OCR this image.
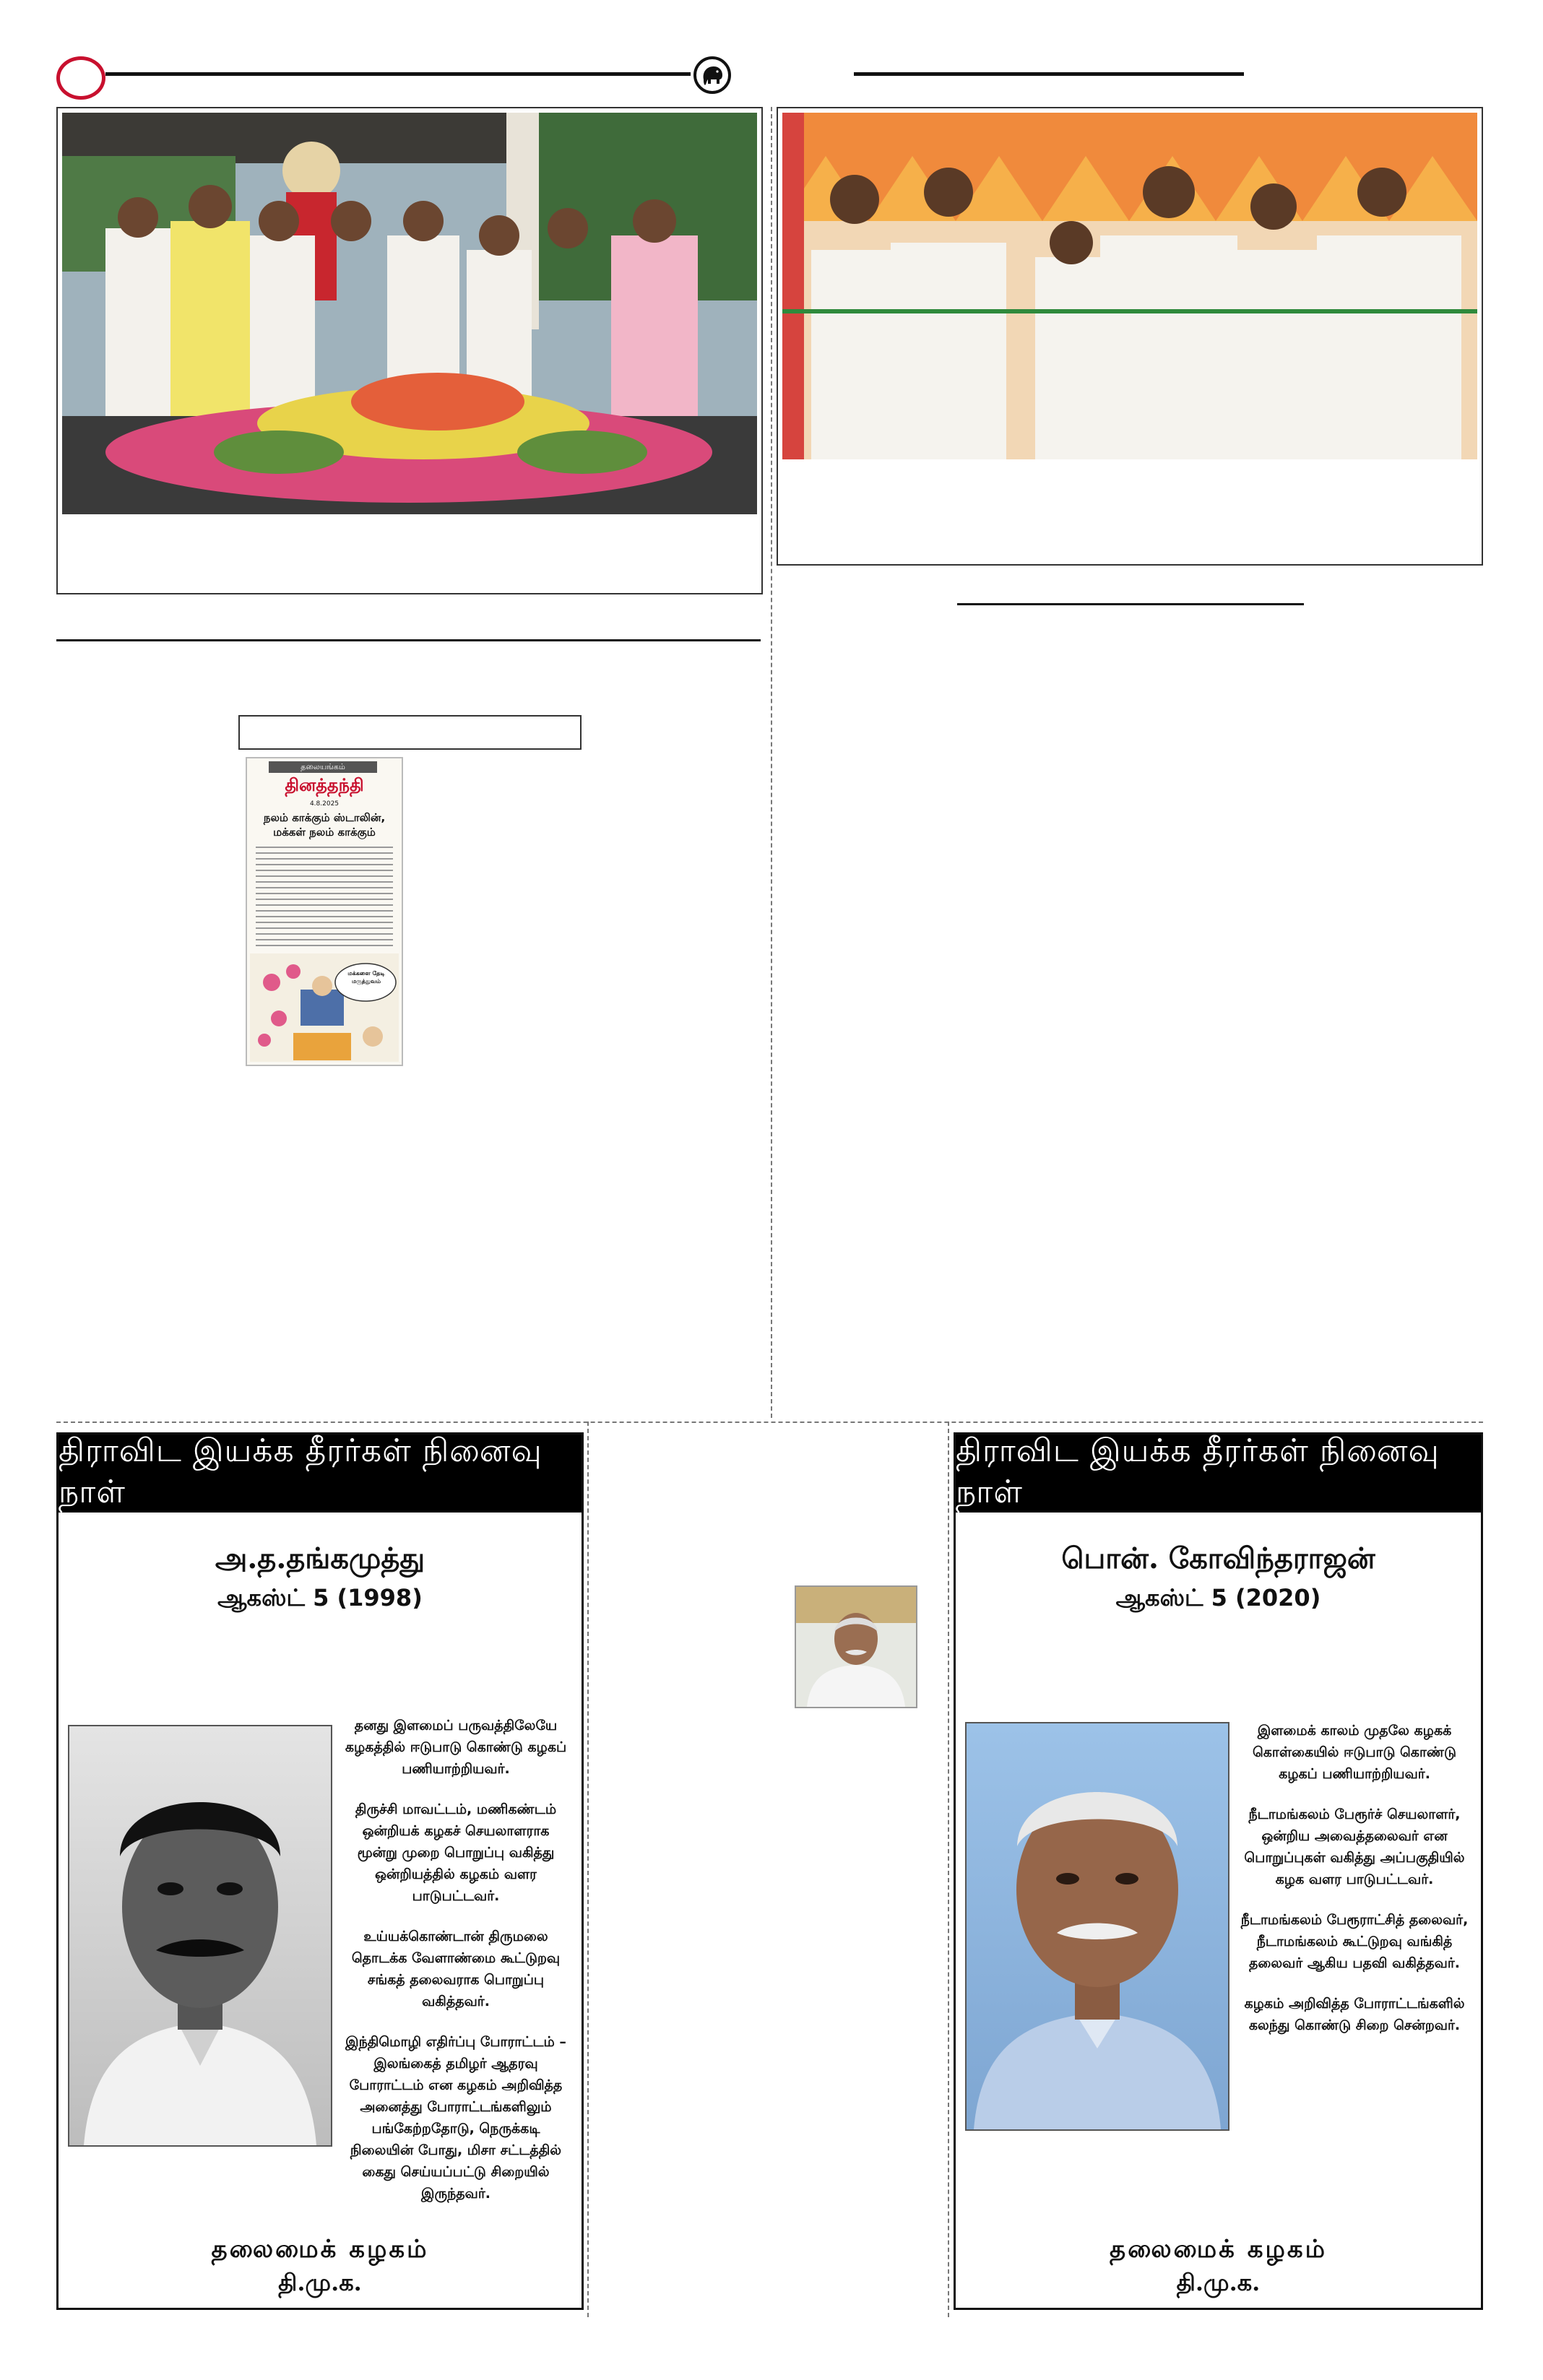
தலையங்கம்
தினத்தந்தி
4.8.2025
நலம் காக்கும் ஸ்டாலின், மக்கள் நலம் காக்கும்
மக்களை தேடி மருத்துவம்
திராவிட இயக்க தீரர்கள் நினைவு நாள்
அ.த.தங்கமுத்து
ஆகஸ்ட் 5 (1998)

தனது இளமைப் பருவத்திலேயே கழகத்தில் ஈடுபாடு கொண்டு கழகப் பணியாற்றியவர்.

திருச்சி மாவட்டம், மணிகண்டம் ஒன்றியக் கழகச் செயலாளராக மூன்று முறை பொறுப்பு வகித்து ஒன்றியத்தில் கழகம் வளர பாடுபட்டவர்.

உய்யக்கொண்டான் திருமலை தொடக்க வேளாண்மை கூட்டுறவு சங்கத் தலைவராக பொறுப்பு வகித்தவர்.

இந்திமொழி எதிர்ப்பு போராட்டம் – இலங்கைத் தமிழர் ஆதரவு போராட்டம் என கழகம் அறிவித்த அனைத்து போராட்டங்களிலும் பங்கேற்றதோடு, நெருக்கடி நிலையின் போது, மிசா சட்டத்தில் கைது செய்யப்பட்டு சிறையில் இருந்தவர்.

தலைமைக் கழகம்
தி.மு.க.
திராவிட இயக்க தீரர்கள் நினைவு நாள்
பொன். கோவிந்தராஜன்
ஆகஸ்ட் 5 (2020)

இளமைக் காலம் முதலே கழகக் கொள்கையில் ஈடுபாடு கொண்டு கழகப் பணியாற்றியவர்.

நீடாமங்கலம் பேரூர்ச் செயலாளர், ஒன்றிய அவைத்தலைவர் என பொறுப்புகள் வகித்து அப்பகுதியில் கழக வளர பாடுபட்டவர்.

நீடாமங்கலம் பேரூராட்சித் தலைவர், நீடாமங்கலம் கூட்டுறவு வங்கித் தலைவர் ஆகிய பதவி வகித்தவர்.

கழகம் அறிவித்த போராட்டங்களில் கலந்து கொண்டு சிறை சென்றவர்.

தலைமைக் கழகம்
தி.மு.க.
